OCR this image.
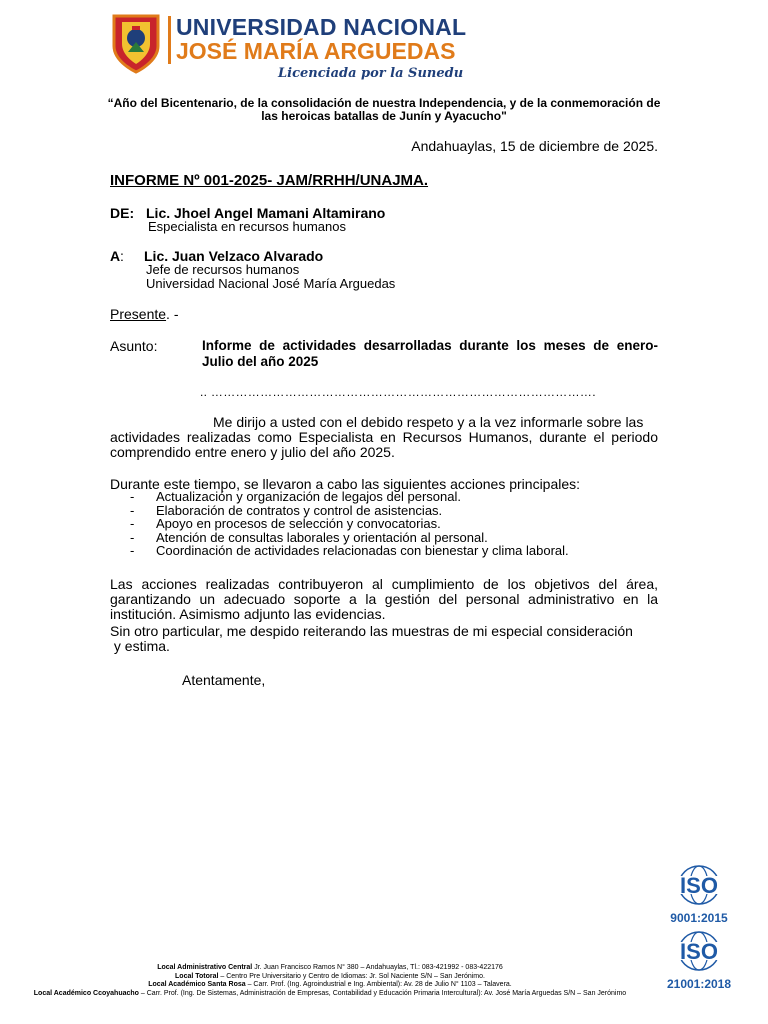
UNIVERSIDAD NACIONAL
JOSÉ MARÍA ARGUEDAS
Licenciada por la Sunedu
“Año del Bicentenario, de la consolidación de nuestra Independencia, y de la conmemoración de
las heroicas batallas de Junín y Ayacucho"
Andahuaylas, 15 de diciembre de 2025.
INFORME Nº 001-2025- JAM/RRHH/UNAJMA.
DE: Lic. Jhoel Angel Mamani Altamirano
Especialista en recursos humanos
A : Lic. Juan Velzaco Alvarado
Jefe de recursos humanos
Universidad Nacional José María Arguedas
Presente. -
Asunto:	Informe de actividades desarrolladas durante los meses de enero-Julio del año 2025
.. ………………………………………………………………………………….
Me dirijo a usted con el debido respeto y a la vez informarle sobre las
actividades realizadas como Especialista en Recursos Humanos, durante el periodo comprendido entre enero y julio del año 2025.
Durante este tiempo, se llevaron a cabo las siguientes acciones principales:
- Actualización y organización de legajos del personal.
- Elaboración de contratos y control de asistencias.
- Apoyo en procesos de selección y convocatorias.
- Atención de consultas laborales y orientación al personal.
- Coordinación de actividades relacionadas con bienestar y clima laboral.
Las acciones realizadas contribuyeron al cumplimiento de los objetivos del área, garantizando un adecuado soporte a la gestión del personal administrativo en la institución. Asimismo adjunto las evidencias.
Sin otro particular, me despido reiterando las muestras de mi especial consideración
y estima.
Atentamente,
ISO
9001:2015
ISO
21001:2018
Local Administrativo Central Jr. Juan Francisco Ramos N° 380 – Andahuaylas, Tl.: 083-421992 - 083-422176
Local Totoral – Centro Pre Universitario y Centro de Idiomas: Jr. Sol Naciente S/N – San Jerónimo.
Local Académico Santa Rosa – Carr. Prof. (Ing. Agroindustrial e Ing. Ambiental): Av. 28 de Julio N° 1103 – Talavera.
Local Académico Ccoyahuacho – Carr. Prof. (Ing. De Sistemas, Administración de Empresas, Contabilidad y Educación Primaria Intercultural): Av. José María Arguedas S/N – San Jerónimo
